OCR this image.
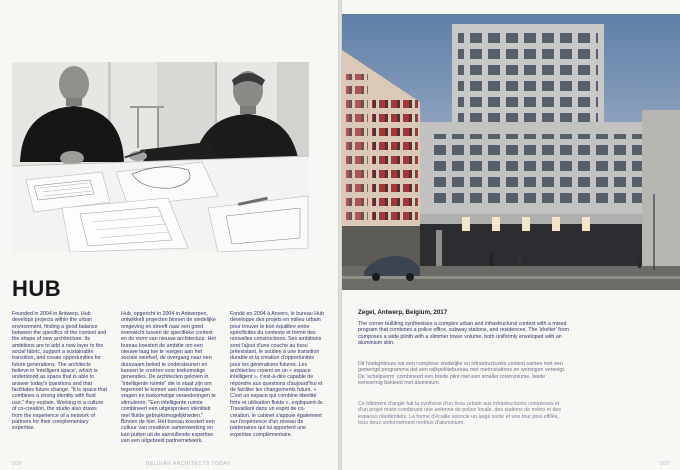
HUB

Founded in 2004 in Antwerp, Hub develops projects within the urban environment, finding a good balance between the specifics of the context and the shape of new architecture. Its ambitions are to add a new layer to the social fabric, support a sustainable transition, and create opportunities for future generations. The architects believe in 'intelligent space', which is understood as space that is able to answer today's questions and that facilitates future change. "It is space that combines a strong identity with fluid use," they explain. Working in a culture of co-creation, the studio also draws from the experience of a network of partners for their complementary expertise.

Hub, opgericht in 2004 in Antwerpen, ontwikkelt projecten binnen de stedelijke omgeving en streeft naar een goed evenwicht tussen de specifieke context en de vorm van nieuwe architectuur. Het bureau koestert de ambitie om een nieuwe laag toe te voegen aan het sociale weefsel, de overgang naar een duurzaam beleid te ondersteunen en kansen te creëren voor toekomstige generaties. De architecten geloven in "intelligente ruimte" die in staat zijn om tegemoet te komen aan hedendaagse vragen en toekomstige veranderingen te stimuleren. "Een intelligente ruimte combineert een uitgesproken identiteit met fluïde gebruiksmogelijkheden." Binnen de hier. Het bureau koestert een cultuur van creatieve samenwerking en kan putten uit de aanvullende expertise van een uitgebreid partnernetwerk.

Fondé en 2004 à Anvers, le bureau Hub développe des projets en milieu urbain pour trouver le bon équilibre entre spécificités du contexte et forme des nouvelles constructions. Ses ambitions sont l'ajout d'une couche au tissu préexistant, le soutien à une transition durable et la création d'opportunités pour les générations futures. Les architectes croient en un « espace intelligent », c'est-à-dire capable de répondre aux questions d'aujourd'hui et de faciliter les changements futurs. « C'est un espace qui combine identité forte et utilisation fluide », expliquent-ils. Travaillant dans un esprit de co-création, le cabinet s'appuie également sur l'expérience d'un réseau de partenaires qui lui apportent une expertise complémentaire.

206	BELGIAN ARCHITECTS TODAY

Zegel, Antwerp, Belgium, 2017

The corner building synthesises a complex urban and infrastructural context with a mixed program that combines a police office, subway stations, and residences. The 'shelter' form composes a wide plinth with a slimmer tower volume, both uniformly enveloped with an aluminium skin.

Dit hoekgebouw vat een complexe stedelijke en infrastructurele context samen met een gemengd programma dat een wijkpolitiebureau met metrostations en woningen verenigt. De 'schelpvorm' combineert een brede plint met een smaller torenvolume, beide eenvormig bekleed met aluminium.

Ce bâtiment d'angle fait la synthèse d'un tissu urbain aux infrastructures complexes et d'un projet mixte combinant une antenne de police locale, des stations de métro et des espaces résidentiels. La forme d'écaille associe un large socle et une tour plus effilée, tous deux uniformément revêtus d'aluminium.

207
